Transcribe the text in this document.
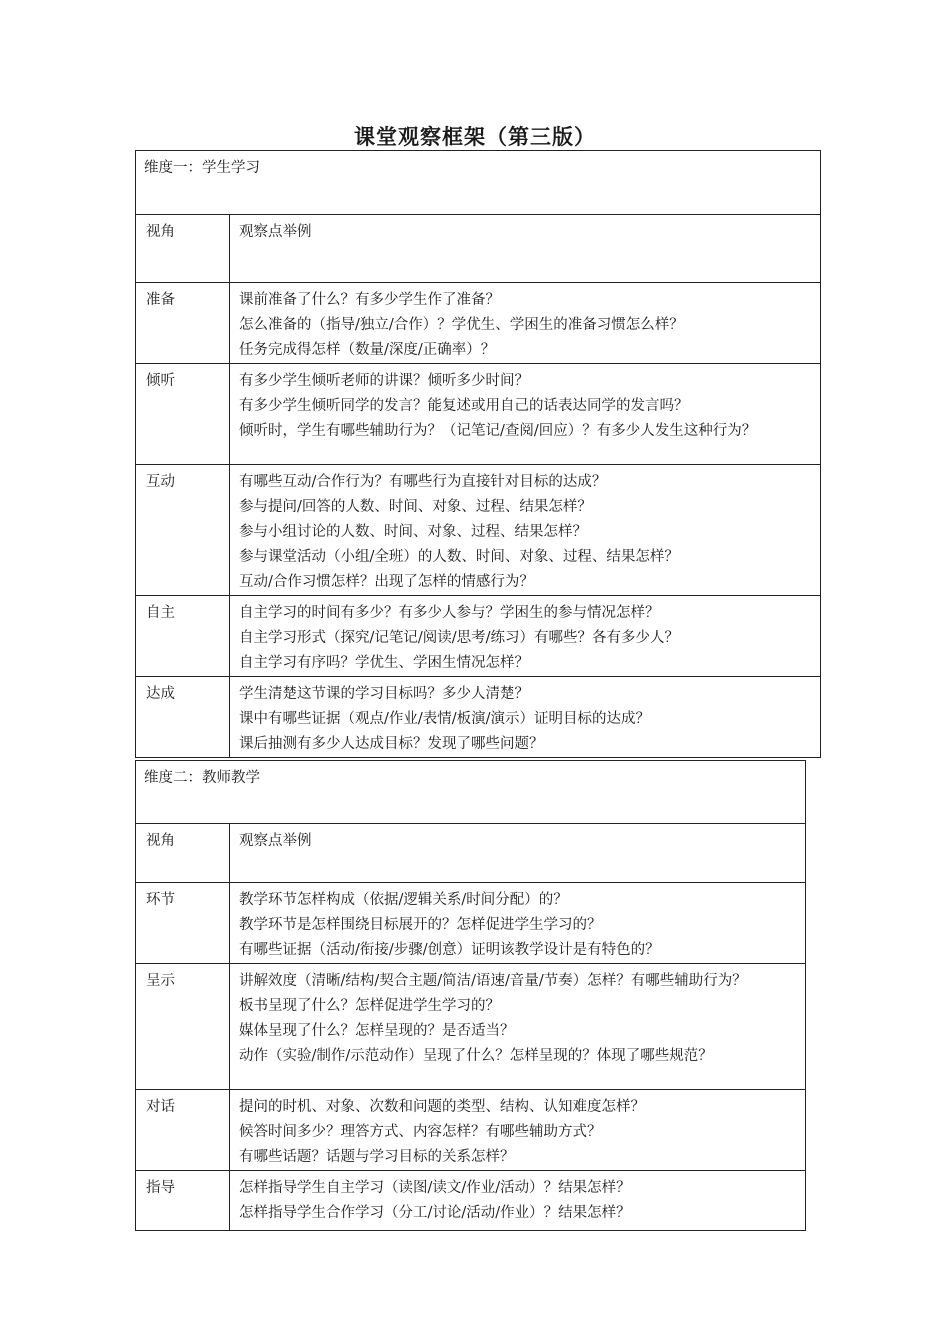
课堂观察框架（第三版）
维度一：学生学习	
视角	观察点举例
准备	课前准备了什么？有多少学生作了准备？
怎么准备的（指导/独立/合作）？学优生、学困生的准备习惯怎么样？
任务完成得怎样（数量/深度/正确率）？

倾听	有多少学生倾听老师的讲课？倾听多少时间？
有多少学生倾听同学的发言？能复述或用自己的话表达同学的发言吗？
倾听时，学生有哪些辅助行为？（记笔记/查阅/回应）？有多少人发生这种行为？

互动	有哪些互动/合作行为？有哪些行为直接针对目标的达成？
参与提问/回答的人数、时间、对象、过程、结果怎样？
参与小组讨论的人数、时间、对象、过程、结果怎样？
参与课堂活动（小组/全班）的人数、时间、对象、过程、结果怎样？
互动/合作习惯怎样？出现了怎样的情感行为？

自主	自主学习的时间有多少？有多少人参与？学困生的参与情况怎样？
自主学习形式（探究/记笔记/阅读/思考/练习）有哪些？各有多少人？
自主学习有序吗？学优生、学困生情况怎样？

达成	学生清楚这节课的学习目标吗？多少人清楚？
课中有哪些证据（观点/作业/表情/板演/演示）证明目标的达成？
课后抽测有多少人达成目标？发现了哪些问题？
维度二：教师教学	
视角	观察点举例
环节	教学环节怎样构成（依据/逻辑关系/时间分配）的？
教学环节是怎样围绕目标展开的？怎样促进学生学习的？
有哪些证据（活动/衔接/步骤/创意）证明该教学设计是有特色的？

呈示	讲解效度（清晰/结构/契合主题/简洁/语速/音量/节奏）怎样？有哪些辅助行为？
板书呈现了什么？怎样促进学生学习的？
媒体呈现了什么？怎样呈现的？是否适当？
动作（实验/制作/示范动作）呈现了什么？怎样呈现的？体现了哪些规范？

对话	提问的时机、对象、次数和问题的类型、结构、认知难度怎样？
候答时间多少？理答方式、内容怎样？有哪些辅助方式？
有哪些话题？话题与学习目标的关系怎样？

指导	怎样指导学生自主学习（读图/读文/作业/活动）？结果怎样？
怎样指导学生合作学习（分工/讨论/活动/作业）？结果怎样？
